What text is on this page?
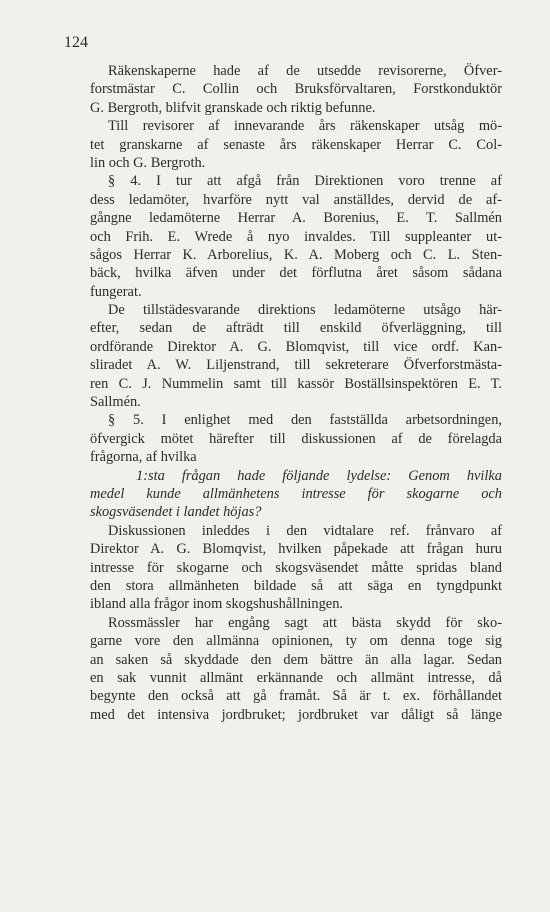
124
Räkenskaperne hade af de utsedde revisorerne, Öfver-
forstmästar C. Collin och Bruksförvaltaren, Forstkonduktör
G. Bergroth, blifvit granskade och riktig befunne.
Till revisorer af innevarande års räkenskaper utsåg mö-
tet granskarne af senaste års räkenskaper Herrar C. Col-
lin och G. Bergroth.
§ 4. I tur att afgå från Direktionen voro trenne af
dess ledamöter, hvarföre nytt val anställdes, dervid de af-
gångne ledamöterne Herrar A. Borenius, E. T. Sallmén
och Frih. E. Wrede å nyo invaldes. Till suppleanter ut-
sågos Herrar K. Arborelius, K. A. Moberg och C. L. Sten-
bäck, hvilka äfven under det förflutna året såsom sådana
fungerat.
De tillstädesvarande direktions ledamöterne utsågo här-
efter, sedan de afträdt till enskild öfverläggning, till
ordförande Direktor A. G. Blomqvist, till vice ordf. Kan-
sliradet A. W. Liljenstrand, till sekreterare Öfverforstmästa-
ren C. J. Nummelin samt till kassör Boställsinspektören E. T.
Sallmén.
§ 5. I enlighet med den fastställda arbetsordningen,
öfvergick mötet härefter till diskussionen af de förelagda
frågorna, af hvilka
1:sta frågan hade följande lydelse: Genom hvilka
medel kunde allmänhetens intresse för skogarne och
skogsväsendet i landet höjas?
Diskussionen inleddes i den vidtalare ref. frånvaro af
Direktor A. G. Blomqvist, hvilken påpekade att frågan huru
intresse för skogarne och skogsväsendet måtte spridas bland
den stora allmänheten bildade så att säga en tyngdpunkt
ibland alla frågor inom skogshushållningen.
Rossmässler har engång sagt att bästa skydd för sko-
garne vore den allmänna opinionen, ty om denna toge sig
an saken så skyddade den dem bättre än alla lagar. Sedan
en sak vunnit allmänt erkännande och allmänt intresse, då
begynte den också att gå framåt. Så är t. ex. förhållandet
med det intensiva jordbruket; jordbruket var dåligt så länge
